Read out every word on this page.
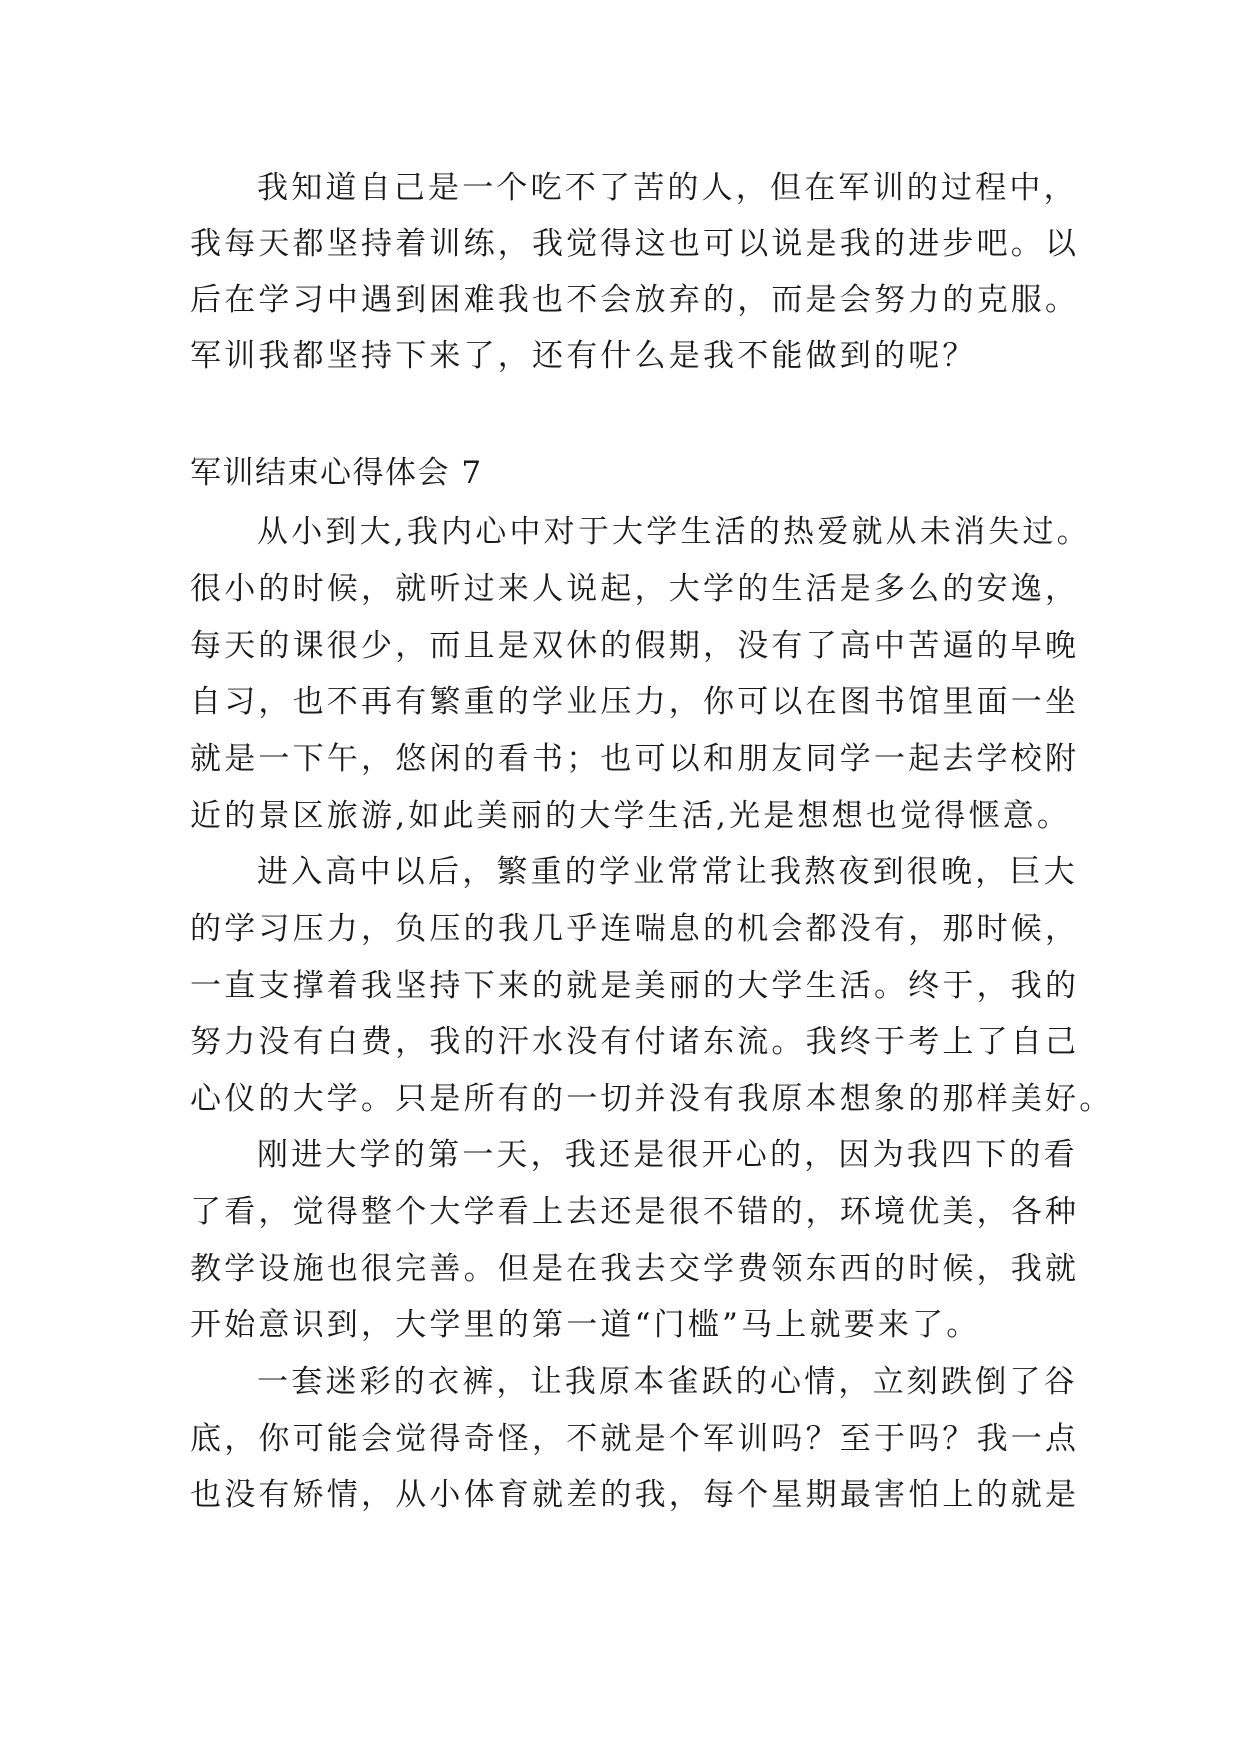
我知道自己是一个吃不了苦的人，但在军训的过程中，

我每天都坚持着训练，我觉得这也可以说是我的进步吧。以

后在学习中遇到困难我也不会放弃的，而是会努力的克服。

军训我都坚持下来了，还有什么是我不能做到的呢？

军训结束心得体会 7

从小到大,我内心中对于大学生活的热爱就从未消失过。

很小的时候，就听过来人说起，大学的生活是多么的安逸，

每天的课很少，而且是双休的假期，没有了高中苦逼的早晚

自习，也不再有繁重的学业压力，你可以在图书馆里面一坐

就是一下午，悠闲的看书；也可以和朋友同学一起去学校附

近的景区旅游,如此美丽的大学生活,光是想想也觉得惬意。

进入高中以后，繁重的学业常常让我熬夜到很晚，巨大

的学习压力，负压的我几乎连喘息的机会都没有，那时候，

一直支撑着我坚持下来的就是美丽的大学生活。终于，我的

努力没有白费，我的汗水没有付诸东流。我终于考上了自己

心仪的大学。只是所有的一切并没有我原本想象的那样美好。

刚进大学的第一天，我还是很开心的，因为我四下的看

了看，觉得整个大学看上去还是很不错的，环境优美，各种

教学设施也很完善。但是在我去交学费领东西的时候，我就

开始意识到，大学里的第一道“门槛”马上就要来了。

一套迷彩的衣裤，让我原本雀跃的心情，立刻跌倒了谷

底，你可能会觉得奇怪，不就是个军训吗？至于吗？我一点

也没有矫情，从小体育就差的我，每个星期最害怕上的就是
